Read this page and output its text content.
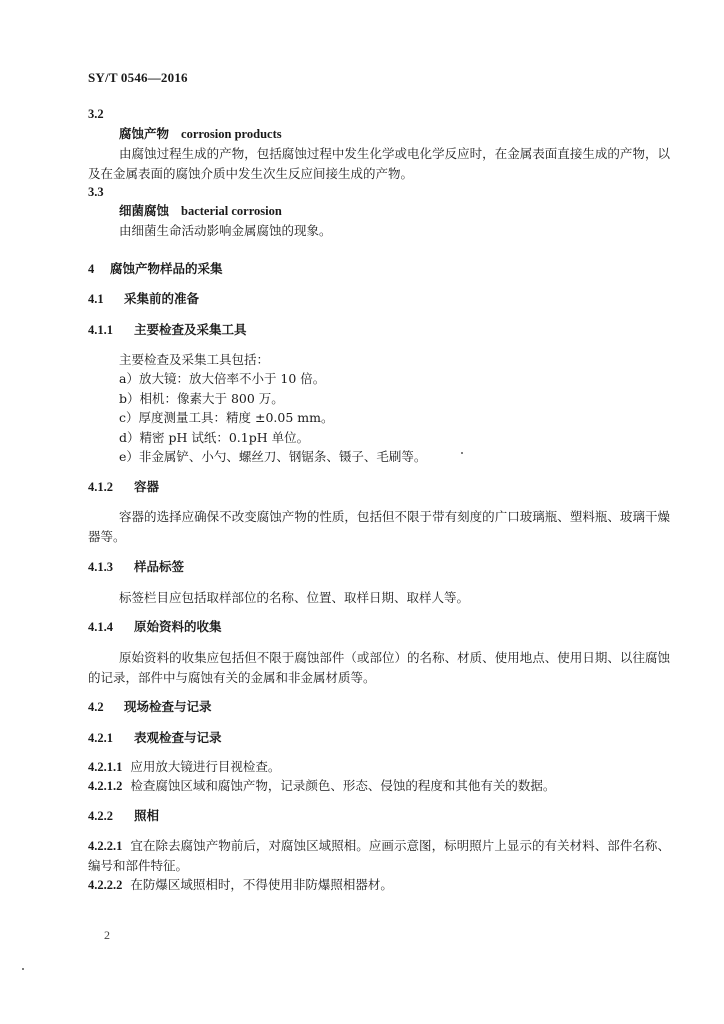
SY/T 0546—2016
3.2
腐蚀产物 corrosion products
由腐蚀过程生成的产物，包括腐蚀过程中发生化学或电化学反应时，在金属表面直接生成的产物，以及在金属表面的腐蚀介质中发生次生反应间接生成的产物。
3.3
细菌腐蚀 bacterial corrosion
由细菌生命活动影响金属腐蚀的现象。
4 腐蚀产物样品的采集
4.1 采集前的准备
4.1.1 主要检查及采集工具
主要检查及采集工具包括：
a）放大镜：放大倍率不小于 10 倍。
b）相机：像素大于 800 万。
c）厚度测量工具：精度 ±0.05 mm。
d）精密 pH 试纸：0.1pH 单位。
e）非金属铲、小勺、螺丝刀、钢锯条、镊子、毛刷等。
4.1.2 容器
容器的选择应确保不改变腐蚀产物的性质，包括但不限于带有刻度的广口玻璃瓶、塑料瓶、玻璃干燥器等。
4.1.3 样品标签
标签栏目应包括取样部位的名称、位置、取样日期、取样人等。
4.1.4 原始资料的收集
原始资料的收集应包括但不限于腐蚀部件（或部位）的名称、材质、使用地点、使用日期、以往腐蚀的记录，部件中与腐蚀有关的金属和非金属材质等。
4.2 现场检查与记录
4.2.1 表观检查与记录
4.2.1.1 应用放大镜进行目视检查。
4.2.1.2 检查腐蚀区域和腐蚀产物，记录颜色、形态、侵蚀的程度和其他有关的数据。
4.2.2 照相
4.2.2.1 宜在除去腐蚀产物前后，对腐蚀区域照相。应画示意图，标明照片上显示的有关材料、部件名称、编号和部件特征。
4.2.2.2 在防爆区域照相时，不得使用非防爆照相器材。
2
